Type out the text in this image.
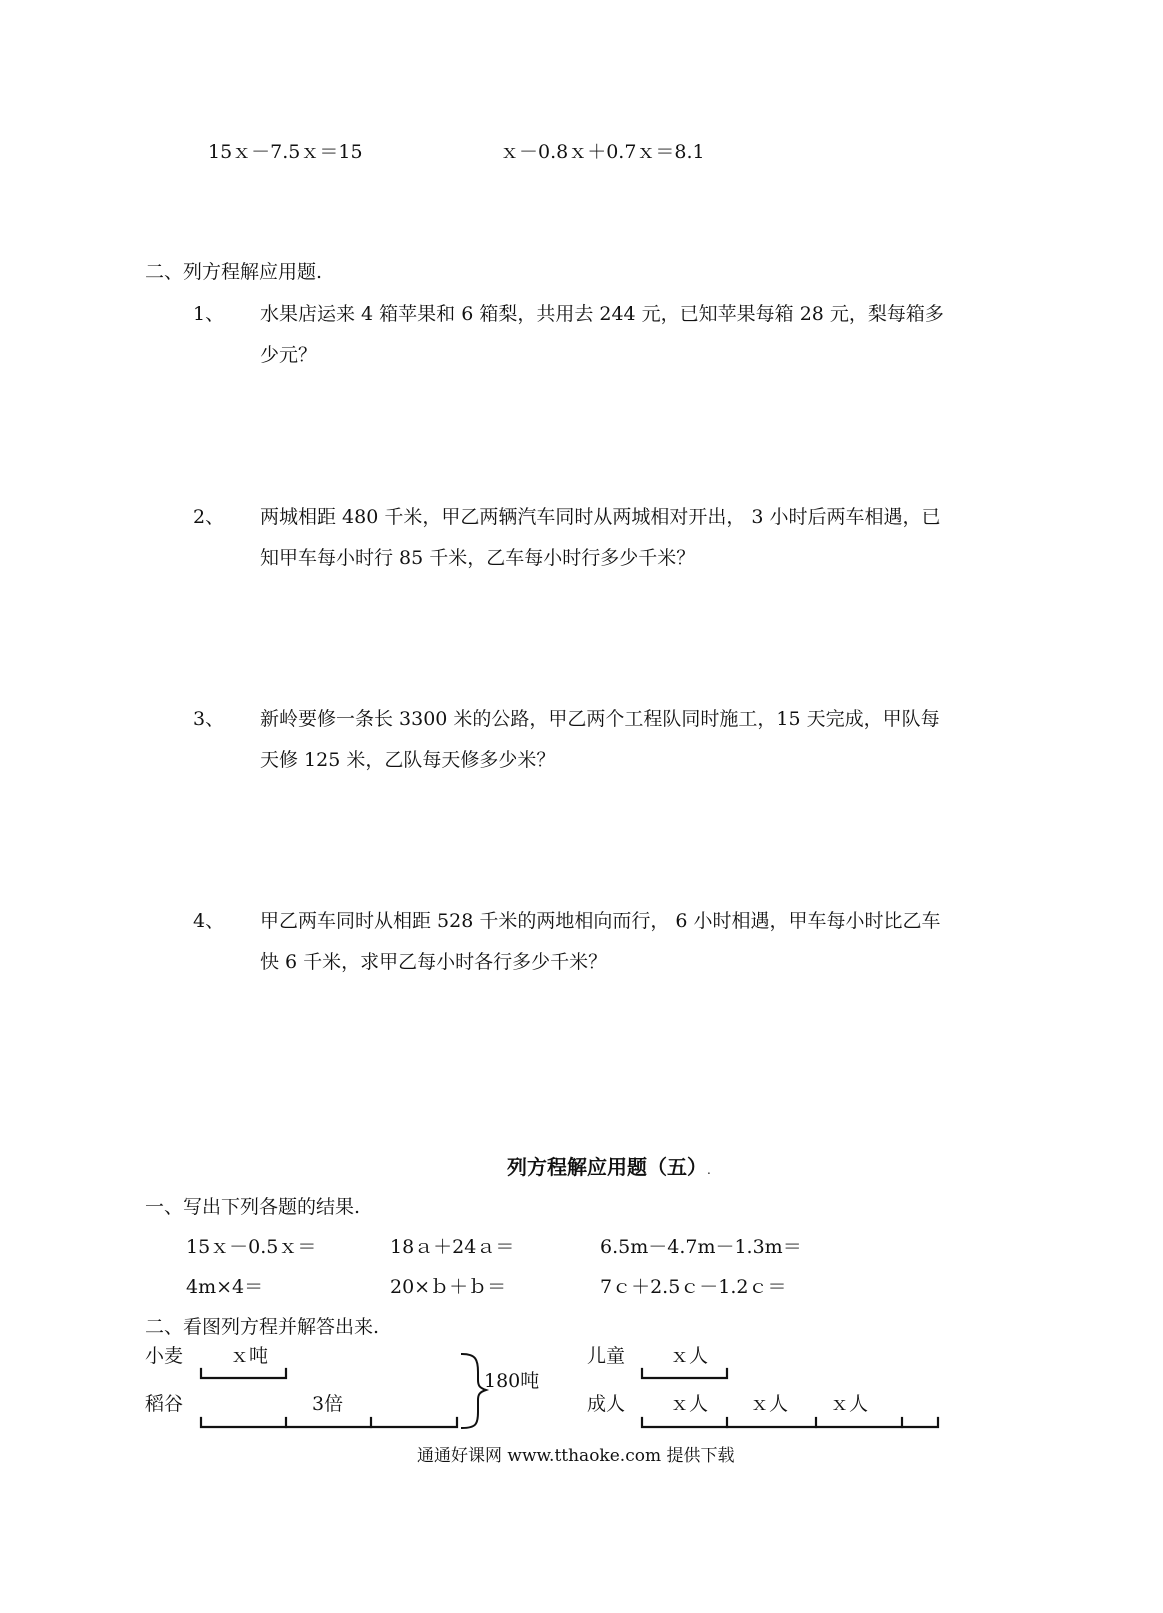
15ｘ－7.5ｘ＝15	ｘ－0.8ｘ＋0.7ｘ＝8.1
二、列方程解应用题.
1、 水果店运来 4 箱苹果和 6 箱梨，共用去 244 元，已知苹果每箱 28 元，梨每箱多
少元？
2、 两城相距 480 千米，甲乙两辆汽车同时从两城相对开出， 3 小时后两车相遇，已
知甲车每小时行 85 千米，乙车每小时行多少千米？
3、 新岭要修一条长 3300 米的公路，甲乙两个工程队同时施工，15 天完成，甲队每
天修 125 米，乙队每天修多少米？
4、 甲乙两车同时从相距 528 千米的两地相向而行， 6 小时相遇，甲车每小时比乙车
快 6 千米，求甲乙每小时各行多少千米？
列方程解应用题（五）.
一、写出下列各题的结果.
15ｘ－0.5ｘ＝	18ａ＋24ａ＝	6.5m－4.7m－1.3m＝
4m×4＝	20×ｂ＋ｂ＝	7ｃ＋2.5ｃ－1.2ｃ＝
二、看图列方程并解答出来.
小麦 ｘ吨
稻谷	3倍
180吨
儿童 ｘ人
成人 ｘ人 ｘ人 ｘ人
通通好课网 www.tthaoke.com 提供下载
